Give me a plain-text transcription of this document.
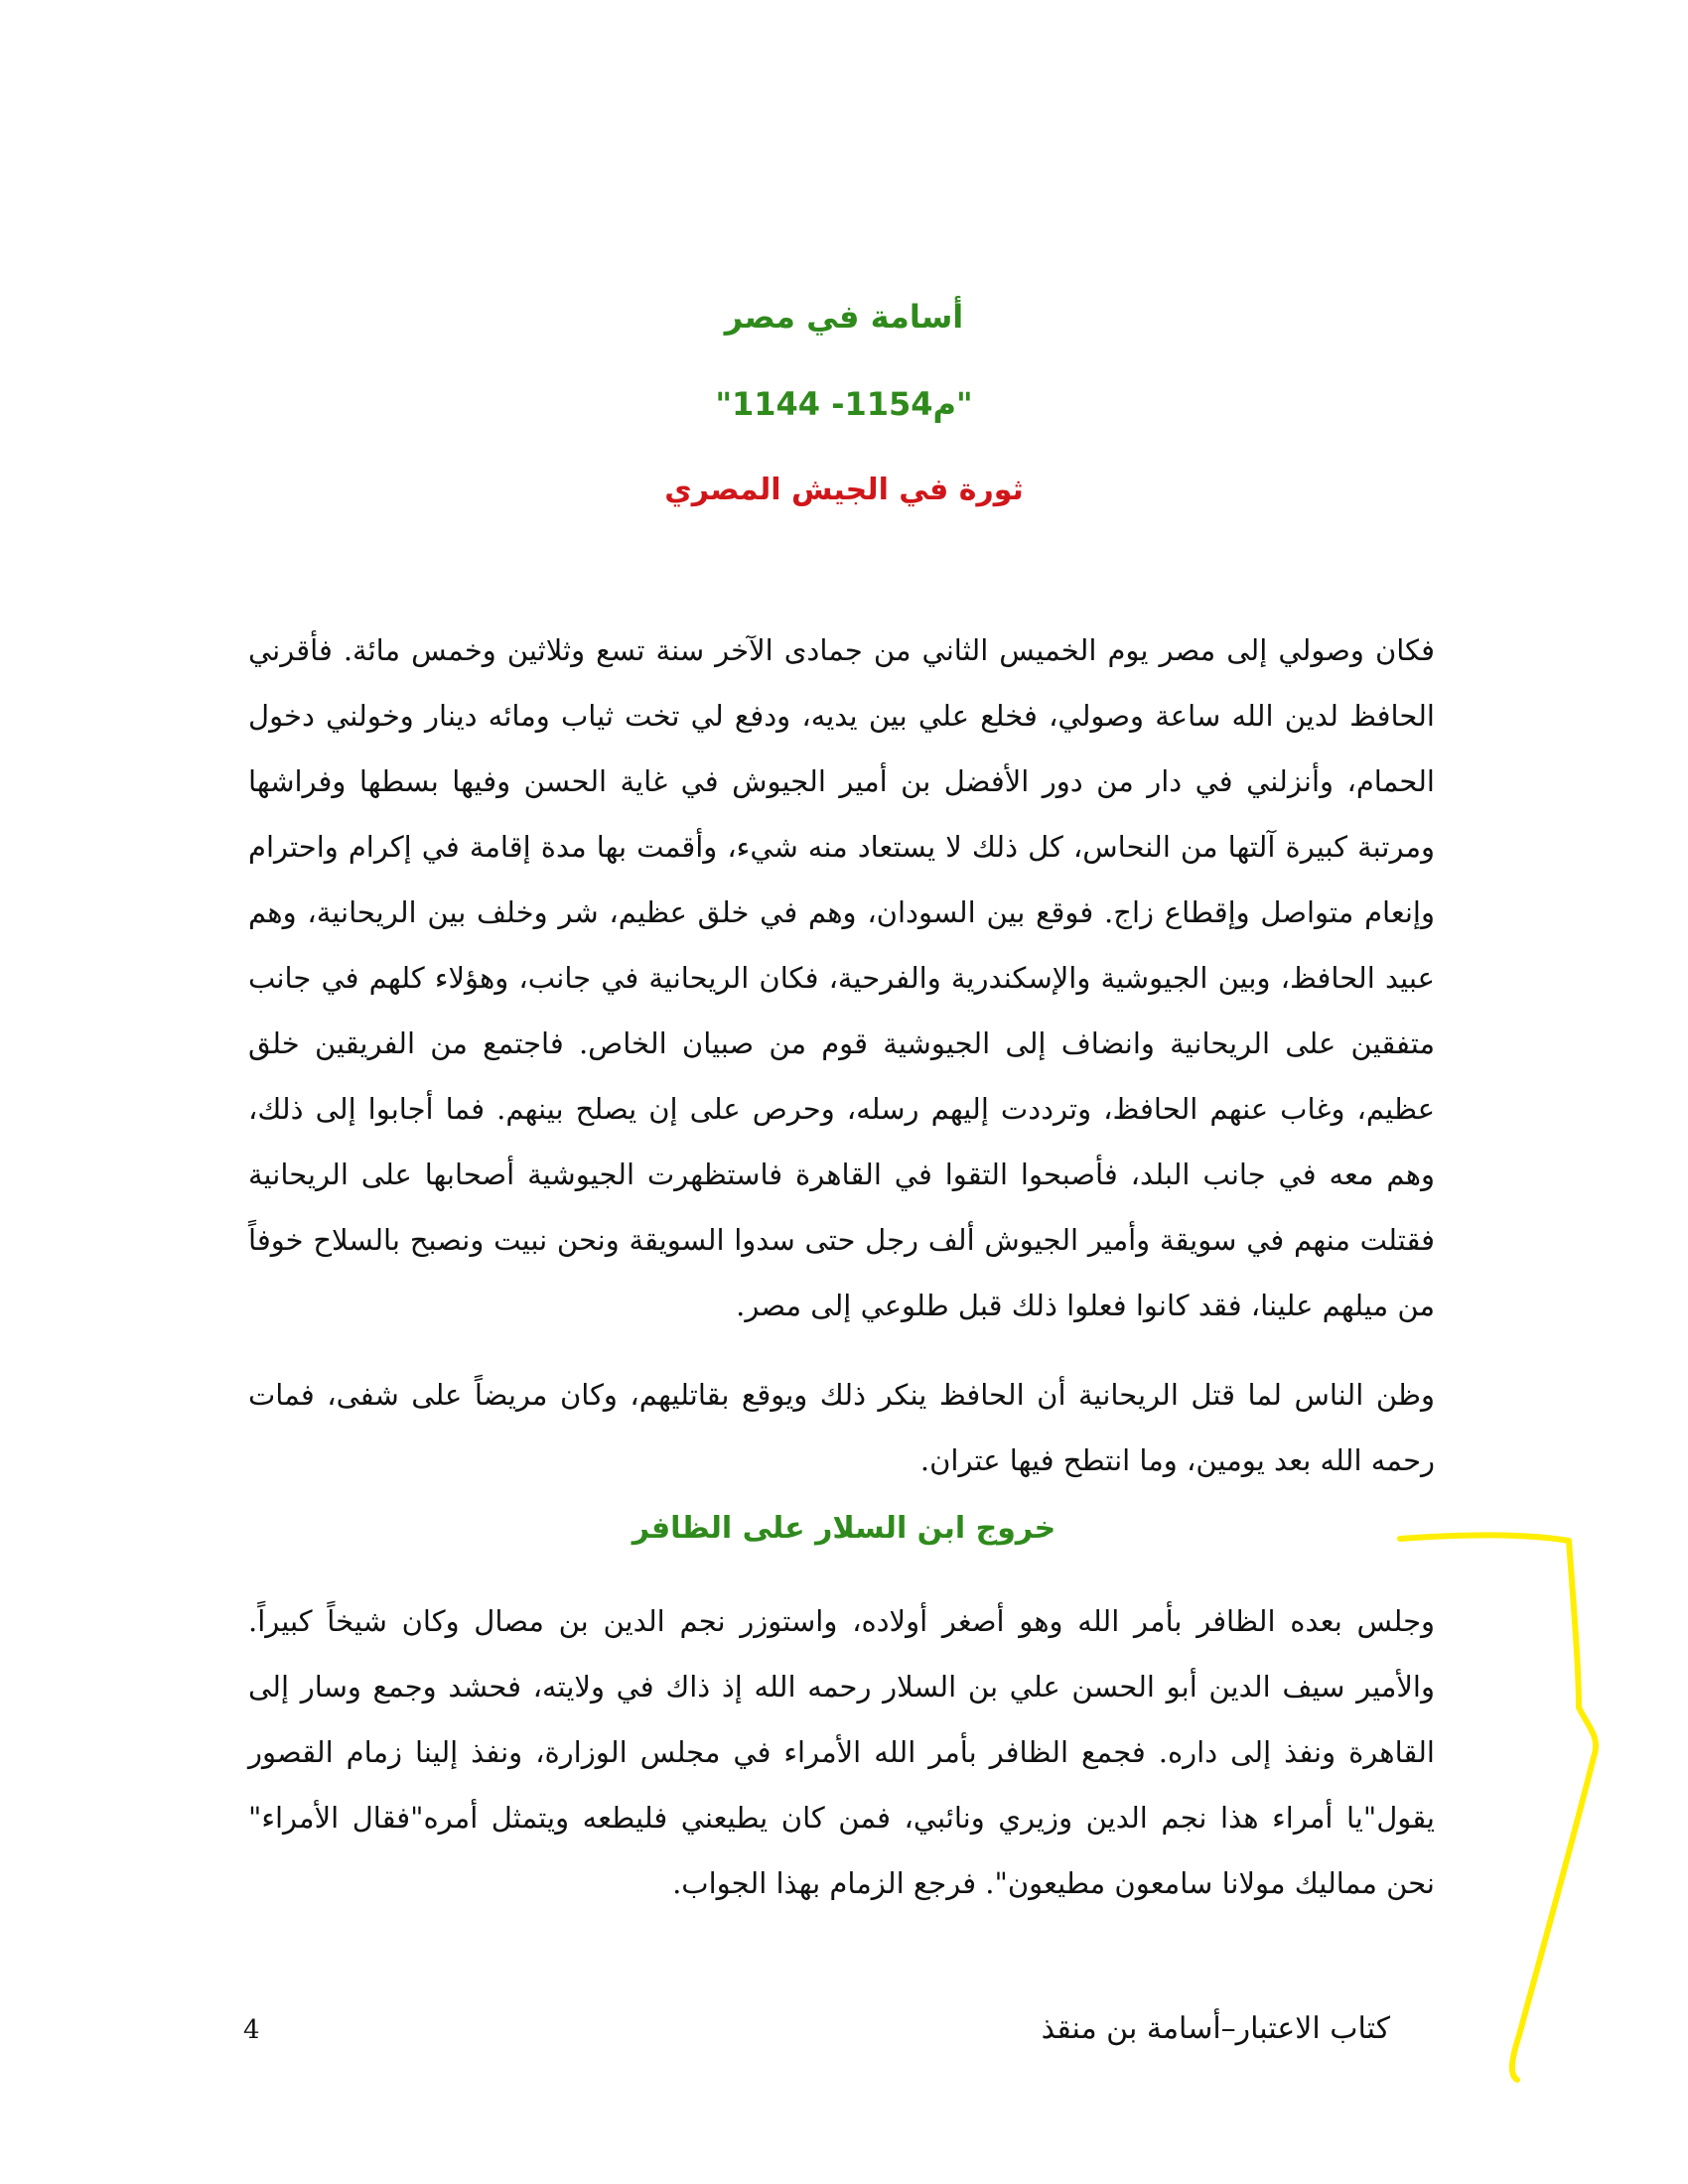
أسامة في مصر
"1144 -1154م"
ثورة في الجيش المصري

فكان وصولي إلى مصر يوم الخميس الثاني من جمادى الآخر سنة تسع وثلاثين وخمس مائة. فأقرني الحافظ لدين الله ساعة وصولي، فخلع علي بين يديه، ودفع لي تخت ثياب ومائه دينار وخولني دخول الحمام، وأنزلني في دار من دور الأفضل بن أمير الجيوش في غاية الحسن وفيها بسطها وفراشها ومرتبة كبيرة آلتها من النحاس، كل ذلك لا يستعاد منه شيء، وأقمت بها مدة إقامة في إكرام واحترام وإنعام متواصل وإقطاع زاج. فوقع بين السودان، وهم في خلق عظيم، شر وخلف بين الريحانية، وهم عبيد الحافظ، وبين الجيوشية والإسكندرية والفرحية، فكان الريحانية في جانب، وهؤلاء كلهم في جانب متفقين على الريحانية وانضاف إلى الجيوشية قوم من صبيان الخاص. فاجتمع من الفريقين خلق عظيم، وغاب عنهم الحافظ، وترددت إليهم رسله، وحرص على إن يصلح بينهم. فما أجابوا إلى ذلك، وهم معه في جانب البلد، فأصبحوا التقوا في القاهرة فاستظهرت الجيوشية أصحابها على الريحانية فقتلت منهم في سويقة وأمير الجيوش ألف رجل حتى سدوا السويقة ونحن نبيت ونصبح بالسلاح خوفاً من ميلهم علينا، فقد كانوا فعلوا ذلك قبل طلوعي إلى مصر.

وظن الناس لما قتل الريحانية أن الحافظ ينكر ذلك ويوقع بقاتليهم، وكان مريضاً على شفى، فمات رحمه الله بعد يومين، وما انتطح فيها عتران.

خروج ابن السلار على الظافر

وجلس بعده الظافر بأمر الله وهو أصغر أولاده، واستوزر نجم الدين بن مصال وكان شيخاً كبيراً. والأمير سيف الدين أبو الحسن علي بن السلار رحمه الله إذ ذاك في ولايته، فحشد وجمع وسار إلى القاهرة ونفذ إلى داره. فجمع الظافر بأمر الله الأمراء في مجلس الوزارة، ونفذ إلينا زمام القصور يقول"يا أمراء هذا نجم الدين وزيري ونائبي، فمن كان يطيعني فليطعه ويتمثل أمره"فقال الأمراء" نحن مماليك مولانا سامعون مطيعون". فرجع الزمام بهذا الجواب.

كتاب الاعتبار–أسامة بن منقذ
4
